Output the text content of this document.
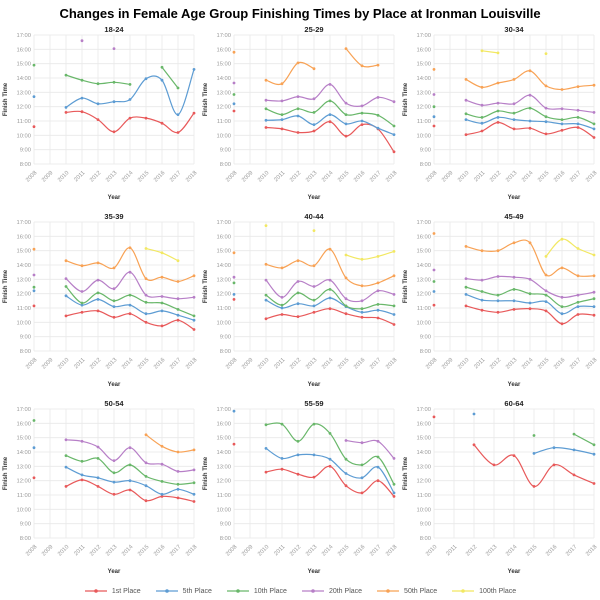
Changes in Female Age Group Finishing Times by Place at Ironman Louisville
8:00
9:00
10:00
11:00
12:00
13:00
14:00
15:00
16:00
17:00
2008 2009 2010 2011 2012 2013 2014 2015 2016 2017 2018
18-24
Year
Finish Time
8:00
9:00
10:00
11:00
12:00
13:00
14:00
15:00
16:00
17:00
2008 2009 2010 2011 2012 2013 2014 2015 2016 2017 2018
25-29
Year
Finish Time
8:00
9:00
10:00
11:00
12:00
13:00
14:00
15:00
16:00
17:00
2008 2009 2010 2011 2012 2013 2014 2015 2016 2017 2018
30-34
Year
Finish Time
8:00
9:00
10:00
11:00
12:00
13:00
14:00
15:00
16:00
17:00
2008 2009 2010 2011 2012 2013 2014 2015 2016 2017 2018
35-39
Year
Finish Time
8:00
9:00
10:00
11:00
12:00
13:00
14:00
15:00
16:00
17:00
2008 2009 2010 2011 2012 2013 2014 2015 2016 2017 2018
40-44
Year
Finish Time
8:00
9:00
10:00
11:00
12:00
13:00
14:00
15:00
16:00
17:00
2008 2009 2010 2011 2012 2013 2014 2015 2016 2017 2018
45-49
Year
Finish Time
8:00
9:00
10:00
11:00
12:00
13:00
14:00
15:00
16:00
17:00
2008 2009 2010 2011 2012 2013 2014 2015 2016 2017 2018
50-54
Year
Finish Time
8:00
9:00
10:00
11:00
12:00
13:00
14:00
15:00
16:00
17:00
2008 2009 2010 2011 2012 2013 2014 2015 2016 2017 2018
55-59
Year
Finish Time
8:00
9:00
10:00
11:00
12:00
13:00
14:00
15:00
16:00
17:00
2010 2011 2012 2013 2014 2015 2016 2017 2018
60-64
Year
Finish Time
1st Place	5th Place	10th Place	20th Place	50th Place	100th Place
